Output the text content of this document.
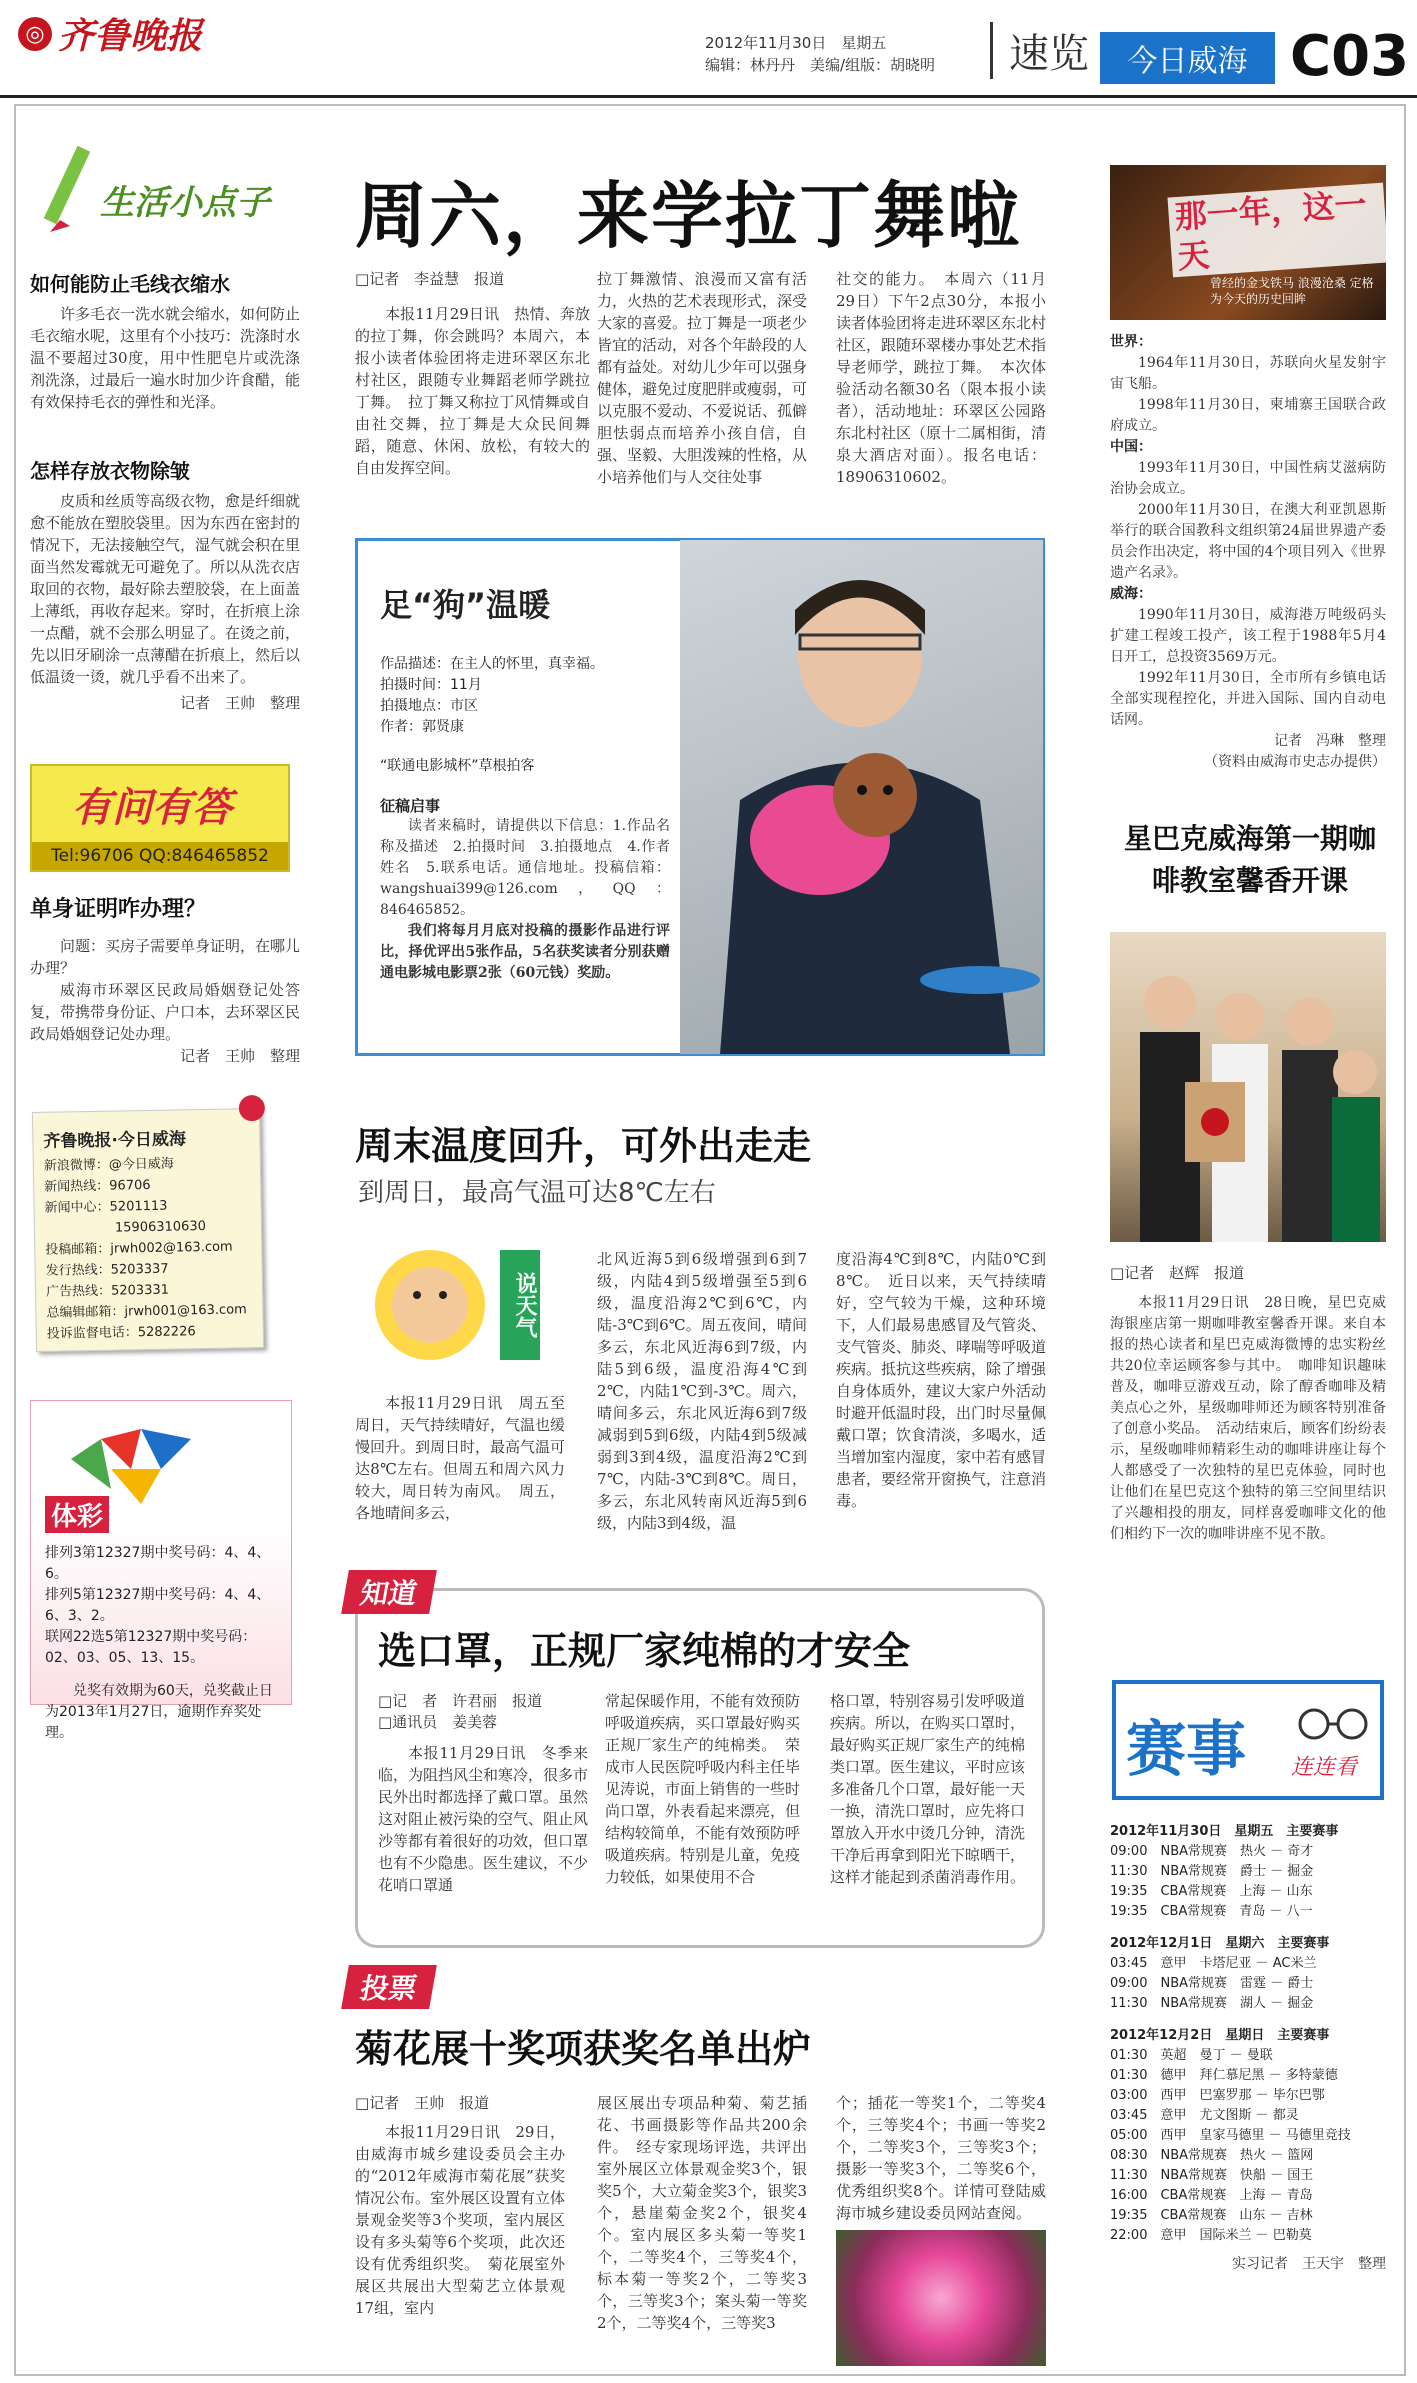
◎ 齐鲁晚报	2012年11月30日　星期五
编辑：林丹丹　美编/组版：胡晓明	速览	今日威海 C03
生活小点子
如何能防止毛线衣缩水
许多毛衣一洗水就会缩水，如何防止毛衣缩水呢，这里有个小技巧：洗涤时水温不要超过30度，用中性肥皂片或洗涤剂洗涤，过最后一遍水时加少许食醋，能有效保持毛衣的弹性和光泽。
怎样存放衣物除皱
皮质和丝质等高级衣物，愈是纤细就愈不能放在塑胶袋里。因为东西在密封的情况下，无法接触空气，湿气就会积在里面当然发霉就无可避免了。所以从洗衣店取回的衣物，最好除去塑胶袋，在上面盖上薄纸，再收存起来。穿时，在折痕上涂一点醋，就不会那么明显了。在烫之前，先以旧牙刷涂一点薄醋在折痕上，然后以低温烫一烫，就几乎看不出来了。
记者　王帅　整理
有问有答
Tel:96706 QQ:846465852
单身证明咋办理？
问题：买房子需要单身证明，在哪儿办理？
威海市环翠区民政局婚姻登记处答复，带携带身份证、户口本，去环翠区民政局婚姻登记处办理。
记者　王帅　整理
齐鲁晚报·今日威海
新浪微博：@今日威海
新闻热线：96706
新闻中心：5201113
15906310630
投稿邮箱：jrwh002@163.com
发行热线：5203337
广告热线：5203331
总编辑邮箱：jrwh001@163.com
投诉监督电话：5282226
体彩
排列3第12327期中奖号码：4、4、6。
排列5第12327期中奖号码：4、4、6、3、2。
联网22选5第12327期中奖号码：02、03、05、13、15。
兑奖有效期为60天，兑奖截止日为2013年1月27日，逾期作弃奖处理。
周六，来学拉丁舞啦
□记者　李益慧　报道
本报11月29日讯　热情、奔放的拉丁舞，你会跳吗？本周六，本报小读者体验团将走进环翠区东北村社区，跟随专业舞蹈老师学跳拉丁舞。　拉丁舞又称拉丁风情舞或自由社交舞，拉丁舞是大众民间舞蹈，随意、休闲、放松，有较大的自由发挥空间。
拉丁舞激情、浪漫而又富有活力，火热的艺术表现形式，深受大家的喜爱。拉丁舞是一项老少皆宜的活动，对各个年龄段的人都有益处。对幼儿少年可以强身健体，避免过度肥胖或瘦弱，可以克服不爱动、不爱说话、孤僻胆怯弱点而培养小孩自信，自强、坚毅、大胆泼辣的性格，从小培养他们与人交往处事
社交的能力。　本周六（11月29日）下午2点30分，本报小读者体验团将走进环翠区东北村社区，跟随环翠楼办事处艺术指导老师学，跳拉丁舞。　本次体验活动名额30名（限本报小读者），活动地址：环翠区公园路东北村社区（原十二属相街，清泉大酒店对面）。报名电话：18906310602。
足“狗”温暖
作品描述：在主人的怀里，真幸福。
拍摄时间：11月
拍摄地点：市区
作者：郭贤康
“联通电影城杯”草根拍客
征稿启事
读者来稿时，请提供以下信息：1.作品名称及描述　2.拍摄时间　3.拍摄地点　4.作者姓名　5.联系电话。通信地址。投稿信箱：wangshuai399@126.com，QQ：846465852。
我们将每月月底对投稿的摄影作品进行评比，择优评出5张作品，5名获奖读者分别获赠通电影城电影票2张（60元钱）奖励。
周末温度回升，可外出走走
到周日，最高气温可达8℃左右
说天气
本报11月29日讯　周五至周日，天气持续晴好，气温也缓慢回升。到周日时，最高气温可达8℃左右。但周五和周六风力较大，周日转为南风。　周五，各地晴间多云，
北风近海5到6级增强到6到7级，内陆4到5级增强至5到6级，温度沿海2℃到6℃，内陆-3℃到6℃。周五夜间，晴间多云，东北风近海6到7级，内陆5到6级，温度沿海4℃到2℃，内陆1℃到-3℃。周六，晴间多云，东北风近海6到7级减弱到5到6级，内陆4到5级减弱到3到4级，温度沿海2℃到7℃，内陆-3℃到8℃。周日，多云，东北风转南风近海5到6级，内陆3到4级，温
度沿海4℃到8℃，内陆0℃到8℃。　近日以来，天气持续晴好，空气较为干燥，这种环境下，人们最易患感冒及气管炎、支气管炎、肺炎、哮喘等呼吸道疾病。抵抗这些疾病，除了增强自身体质外，建议大家户外活动时避开低温时段，出门时尽量佩戴口罩；饮食清淡，多喝水，适当增加室内湿度，家中若有感冒患者，要经常开窗换气，注意消毒。
知道
选口罩，正规厂家纯棉的才安全
□记　者　许君丽　报道
□通讯员　姜美蓉
本报11月29日讯　冬季来临，为阻挡风尘和寒冷，很多市民外出时都选择了戴口罩。虽然这对阻止被污染的空气、阻止风沙等都有着很好的功效，但口罩也有不少隐患。医生建议，不少花哨口罩通
常起保暖作用，不能有效预防呼吸道疾病，买口罩最好购买正规厂家生产的纯棉类。　荣成市人民医院呼吸内科主任毕见涛说，市面上销售的一些时尚口罩，外表看起来漂亮，但结构较简单，不能有效预防呼吸道疾病。特别是儿童，免疫力较低，如果使用不合
格口罩，特别容易引发呼吸道疾病。所以，在购买口罩时，最好购买正规厂家生产的纯棉类口罩。医生建议，平时应该多准备几个口罩，最好能一天一换，清洗口罩时，应先将口罩放入开水中烫几分钟，清洗干净后再拿到阳光下晾晒干，这样才能起到杀菌消毒作用。
投票
菊花展十奖项获奖名单出炉
□记者　王帅　报道
本报11月29日讯　29日，由威海市城乡建设委员会主办的“2012年威海市菊花展”获奖情况公布。室外展区设置有立体景观金奖等3个奖项，室内展区设有多头菊等6个奖项，此次还设有优秀组织奖。　菊花展室外展区共展出大型菊艺立体景观17组，室内
展区展出专项品种菊、菊艺插花、书画摄影等作品共200余件。　经专家现场评选，共评出室外展区立体景观金奖3个，银奖5个，大立菊金奖3个，银奖3个，悬崖菊金奖2个，银奖4个。室内展区多头菊一等奖1个，二等奖4个，三等奖4个，标本菊一等奖2个，二等奖3个，三等奖3个；案头菊一等奖2个，二等奖4个，三等奖3
个；插花一等奖1个，二等奖4个，三等奖4个；书画一等奖2个，二等奖3个，三等奖3个；摄影一等奖3个，二等奖6个，优秀组织奖8个。详情可登陆威海市城乡建设委员网站查阅。
那一年，这一天
曾经的金戈铁马 浪漫沧桑 定格为今天的历史回眸
世界：
1964年11月30日，苏联向火星发射宇宙飞船。
1998年11月30日，柬埔寨王国联合政府成立。
中国：
1993年11月30日，中国性病艾滋病防治协会成立。
2000年11月30日，在澳大利亚凯恩斯举行的联合国教科文组织第24届世界遗产委员会作出决定，将中国的4个项目列入《世界遗产名录》。
威海：
1990年11月30日，威海港万吨级码头扩建工程竣工投产，该工程于1988年5月4日开工，总投资3569万元。
1992年11月30日，全市所有乡镇电话全部实现程控化，并进入国际、国内自动电话网。
记者　冯琳　整理
（资料由威海市史志办提供）
星巴克威海第一期咖啡教室馨香开课
□记者　赵辉　报道
本报11月29日讯　28日晚，星巴克威海银座店第一期咖啡教室馨香开课。来自本报的热心读者和星巴克威海微博的忠实粉丝共20位幸运顾客参与其中。　咖啡知识趣味普及，咖啡豆游戏互动，除了醇香咖啡及精美点心之外，星级咖啡师还为顾客特别准备了创意小奖品。　活动结束后，顾客们纷纷表示，星级咖啡师精彩生动的咖啡讲座让每个人都感受了一次独特的星巴克体验，同时也让他们在星巴克这个独特的第三空间里结识了兴趣相投的朋友，同样喜爱咖啡文化的他们相约下一次的咖啡讲座不见不散。
赛事 连连看
2012年11月30日　星期五　主要赛事
09:00　NBA常规赛　热火 － 奇才
11:30　NBA常规赛　爵士 － 掘金
19:35　CBA常规赛　上海 － 山东
19:35　CBA常规赛　青岛 － 八一
2012年12月1日　星期六　主要赛事
03:45　意甲　卡塔尼亚 － AC米兰
09:00　NBA常规赛　雷霆 － 爵士
11:30　NBA常规赛　湖人 － 掘金
2012年12月2日　星期日　主要赛事
01:30　英超　曼丁 － 曼联
01:30　德甲　拜仁慕尼黑 － 多特蒙德
03:00　西甲　巴塞罗那 － 毕尔巴鄂
03:45　意甲　尤文图斯 － 都灵
05:00　西甲　皇家马德里 － 马德里竞技
08:30　NBA常规赛　热火 － 篮网
11:30　NBA常规赛　快船 － 国王
16:00　CBA常规赛　上海 － 青岛
19:35　CBA常规赛　山东 － 吉林
22:00　意甲　国际米兰 － 巴勒莫
实习记者　王天宇　整理
